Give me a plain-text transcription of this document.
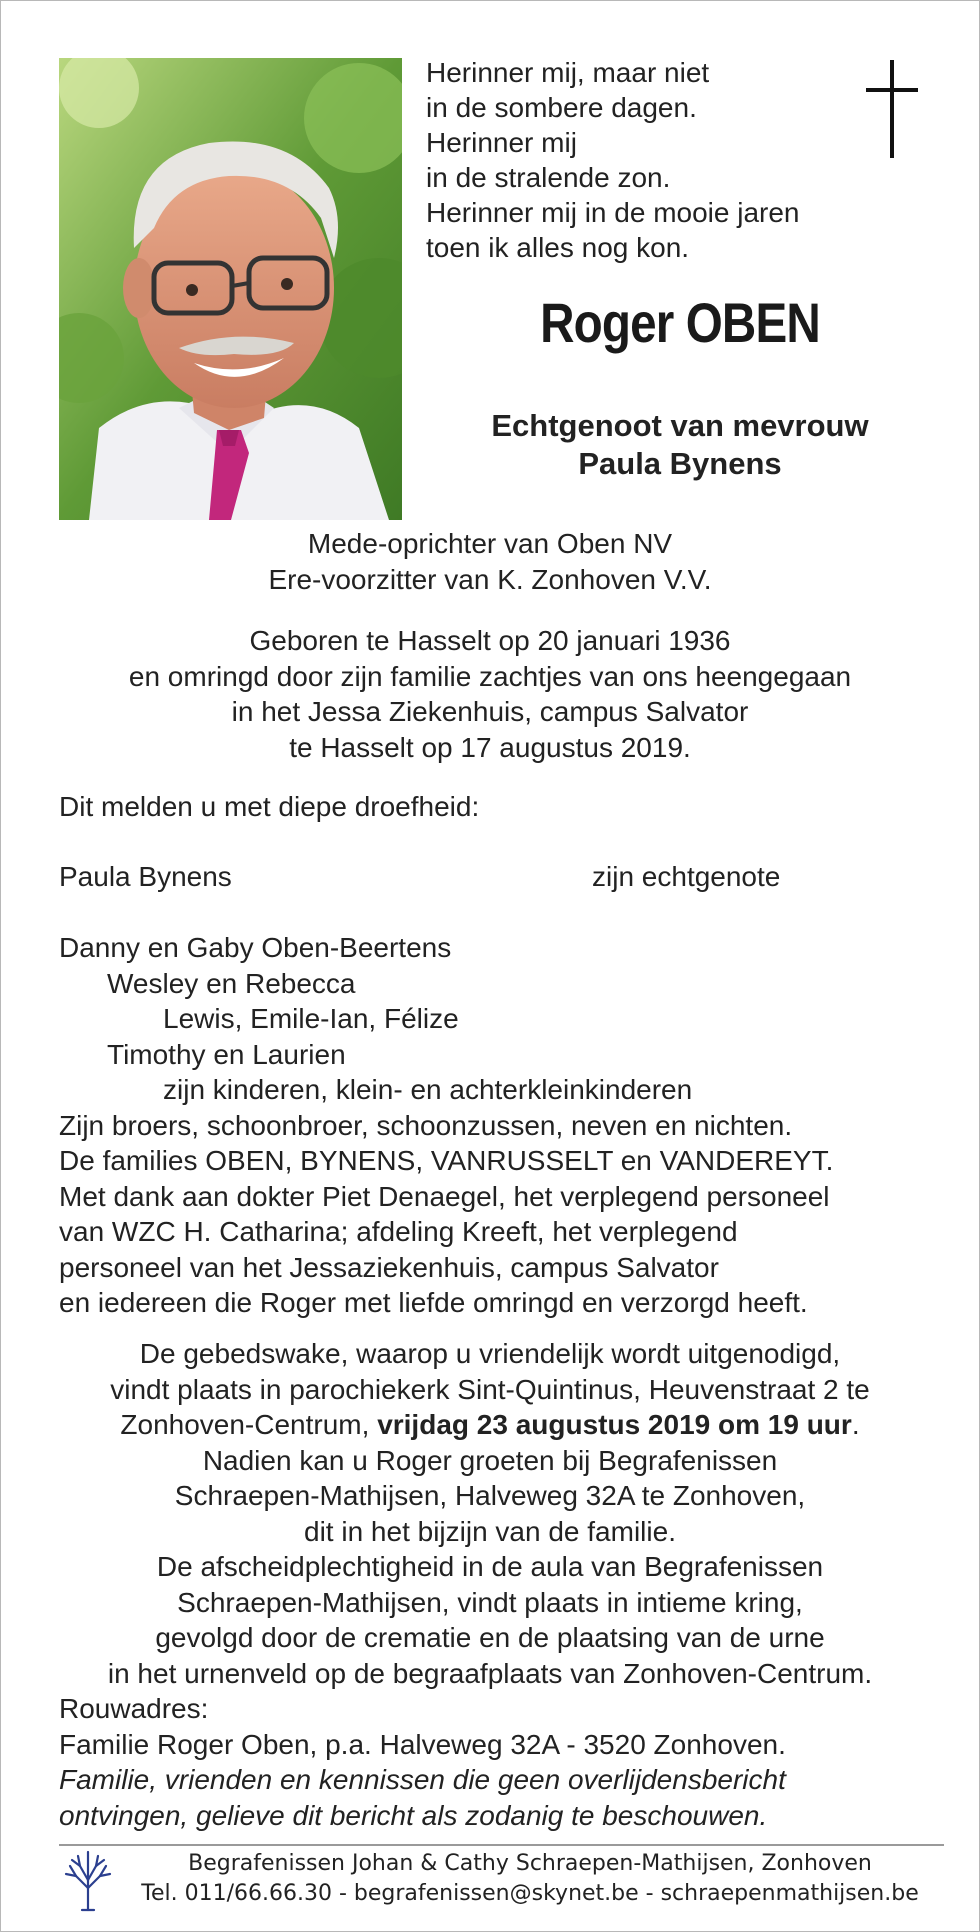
Herinner mij, maar niet
in de sombere dagen.
Herinner mij
in de stralende zon.
Herinner mij in de mooie jaren
toen ik alles nog kon.
Roger OBEN
Echtgenoot van mevrouw
Paula Bynens
Mede-oprichter van Oben NV
Ere-voorzitter van K. Zonhoven V.V.
Geboren te Hasselt op 20 januari 1936
en omringd door zijn familie zachtjes van ons heengegaan
in het Jessa Ziekenhuis, campus Salvator
te Hasselt op 17 augustus 2019.
Dit melden u met diepe droefheid:
Paula Bynens	zijn echtgenote
Danny en Gaby Oben-Beertens
Wesley en Rebecca
Lewis, Emile-Ian, Félize
Timothy en Laurien
zijn kinderen, klein- en achterkleinkinderen
Zijn broers, schoonbroer, schoonzussen, neven en nichten.
De families OBEN, BYNENS, VANRUSSELT en VANDEREYT.
Met dank aan dokter Piet Denaegel, het verplegend personeel
van WZC H. Catharina; afdeling Kreeft, het verplegend
personeel van het Jessaziekenhuis, campus Salvator
en iedereen die Roger met liefde omringd en verzorgd heeft.
De gebedswake, waarop u vriendelijk wordt uitgenodigd,
vindt plaats in parochiekerk Sint-Quintinus, Heuvenstraat 2 te
Zonhoven-Centrum, vrijdag 23 augustus 2019 om 19 uur.
Nadien kan u Roger groeten bij Begrafenissen
Schraepen-Mathijsen, Halveweg 32A te Zonhoven,
dit in het bijzijn van de familie.
De afscheidplechtigheid in de aula van Begrafenissen
Schraepen-Mathijsen, vindt plaats in intieme kring,
gevolgd door de crematie en de plaatsing van de urne
in het urnenveld op de begraafplaats van Zonhoven-Centrum.
Rouwadres:
Familie Roger Oben, p.a. Halveweg 32A - 3520 Zonhoven.
Familie, vrienden en kennissen die geen overlijdensbericht
ontvingen, gelieve dit bericht als zodanig te beschouwen.
Begrafenissen Johan & Cathy Schraepen-Mathijsen, Zonhoven
Tel. 011/66.66.30 - begrafenissen@skynet.be - schraepenmathijsen.be
